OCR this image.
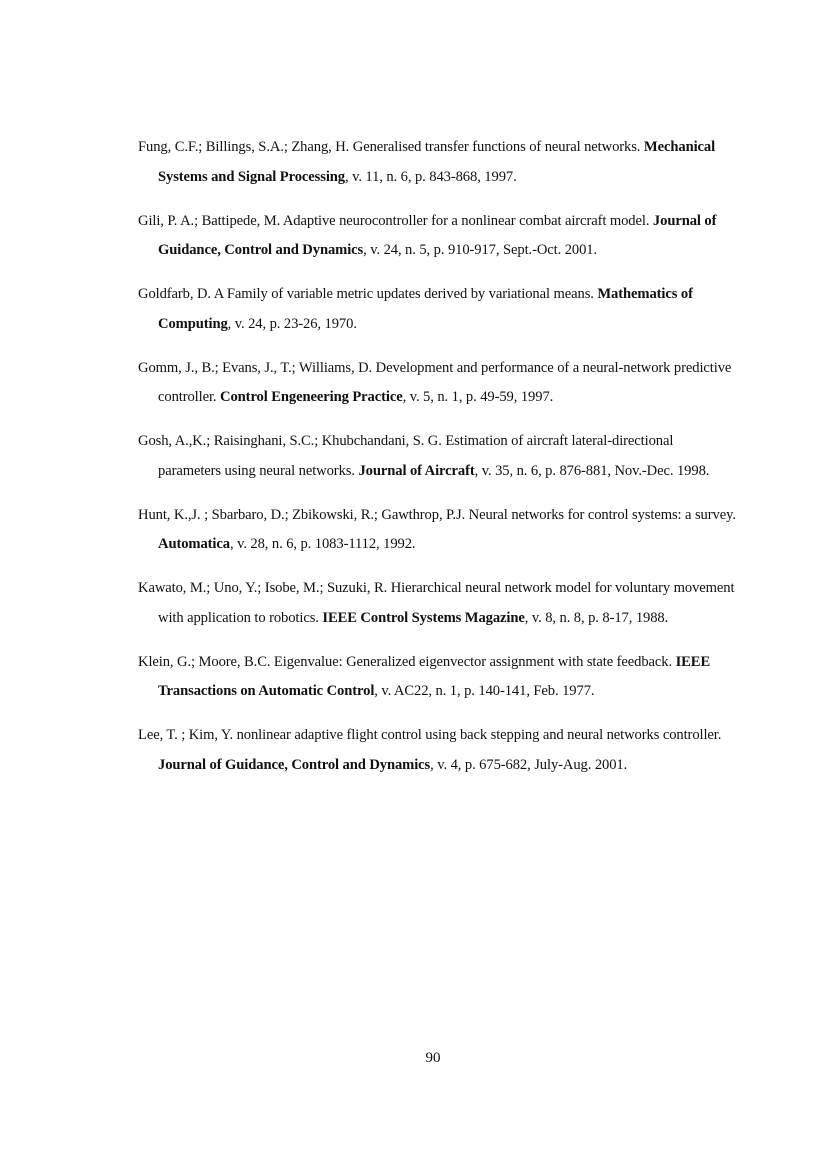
Fung, C.F.; Billings, S.A.; Zhang, H. Generalised transfer functions of neural networks. Mechanical Systems and Signal Processing, v. 11, n. 6, p. 843-868, 1997.

Gili, P. A.; Battipede, M. Adaptive neurocontroller for a nonlinear combat aircraft model. Journal of Guidance, Control and Dynamics, v. 24, n. 5, p. 910-917, Sept.-Oct. 2001.

Goldfarb, D. A Family of variable metric updates derived by variational means. Mathematics of Computing, v. 24, p. 23-26, 1970.

Gomm, J., B.; Evans, J., T.; Williams, D. Development and performance of a neural-network predictive controller. Control Engeneering Practice, v. 5, n. 1, p. 49-59, 1997.

Gosh, A.,K.; Raisinghani, S.C.; Khubchandani, S. G. Estimation of aircraft lateral-directional parameters using neural networks. Journal of Aircraft, v. 35, n. 6, p. 876-881, Nov.-Dec. 1998.

Hunt, K.,J. ; Sbarbaro, D.; Zbikowski, R.; Gawthrop, P.J. Neural networks for control systems: a survey. Automatica, v. 28, n. 6, p. 1083-1112, 1992.

Kawato, M.; Uno, Y.; Isobe, M.; Suzuki, R. Hierarchical neural network model for voluntary movement with application to robotics. IEEE Control Systems Magazine, v. 8, n. 8, p. 8-17, 1988.

Klein, G.; Moore, B.C. Eigenvalue: Generalized eigenvector assignment with state feedback. IEEE Transactions on Automatic Control, v. AC22, n. 1, p. 140-141, Feb. 1977.

Lee, T. ; Kim, Y. nonlinear adaptive flight control using back stepping and neural networks controller. Journal of Guidance, Control and Dynamics, v. 4, p. 675-682, July-Aug. 2001.

90
